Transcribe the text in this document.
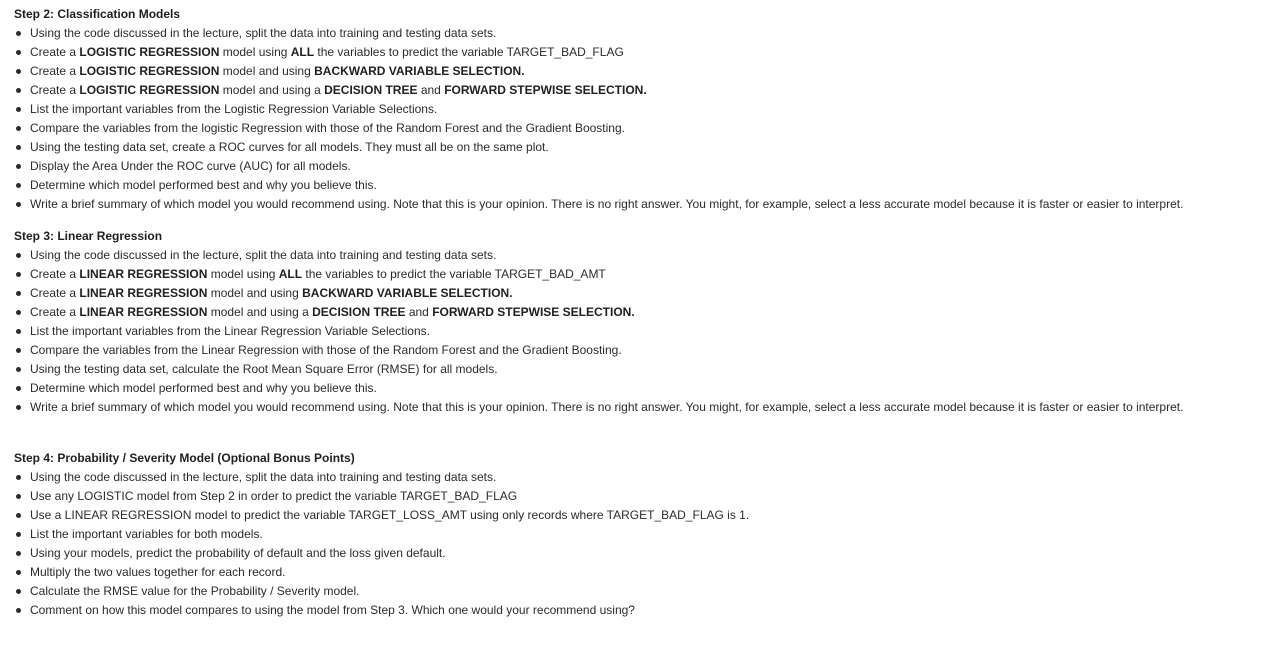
Step 2: Classification Models
Using the code discussed in the lecture, split the data into training and testing data sets.
Create a LOGISTIC REGRESSION model using ALL the variables to predict the variable TARGET_BAD_FLAG
Create a LOGISTIC REGRESSION model and using BACKWARD VARIABLE SELECTION.
Create a LOGISTIC REGRESSION model and using a DECISION TREE and FORWARD STEPWISE SELECTION.
List the important variables from the Logistic Regression Variable Selections.
Compare the variables from the logistic Regression with those of the Random Forest and the Gradient Boosting.
Using the testing data set, create a ROC curves for all models. They must all be on the same plot.
Display the Area Under the ROC curve (AUC) for all models.
Determine which model performed best and why you believe this.
Write a brief summary of which model you would recommend using. Note that this is your opinion. There is no right answer. You might, for example, select a less accurate model because it is faster or easier to interpret.
Step 3: Linear Regression
Using the code discussed in the lecture, split the data into training and testing data sets.
Create a LINEAR REGRESSION model using ALL the variables to predict the variable TARGET_BAD_AMT
Create a LINEAR REGRESSION model and using BACKWARD VARIABLE SELECTION.
Create a LINEAR REGRESSION model and using a DECISION TREE and FORWARD STEPWISE SELECTION.
List the important variables from the Linear Regression Variable Selections.
Compare the variables from the Linear Regression with those of the Random Forest and the Gradient Boosting.
Using the testing data set, calculate the Root Mean Square Error (RMSE) for all models.
Determine which model performed best and why you believe this.
Write a brief summary of which model you would recommend using. Note that this is your opinion. There is no right answer. You might, for example, select a less accurate model because it is faster or easier to interpret.
Step 4: Probability / Severity Model (Optional Bonus Points)
Using the code discussed in the lecture, split the data into training and testing data sets.
Use any LOGISTIC model from Step 2 in order to predict the variable TARGET_BAD_FLAG
Use a LINEAR REGRESSION model to predict the variable TARGET_LOSS_AMT using only records where TARGET_BAD_FLAG is 1.
List the important variables for both models.
Using your models, predict the probability of default and the loss given default.
Multiply the two values together for each record.
Calculate the RMSE value for the Probability / Severity model.
Comment on how this model compares to using the model from Step 3. Which one would your recommend using?
